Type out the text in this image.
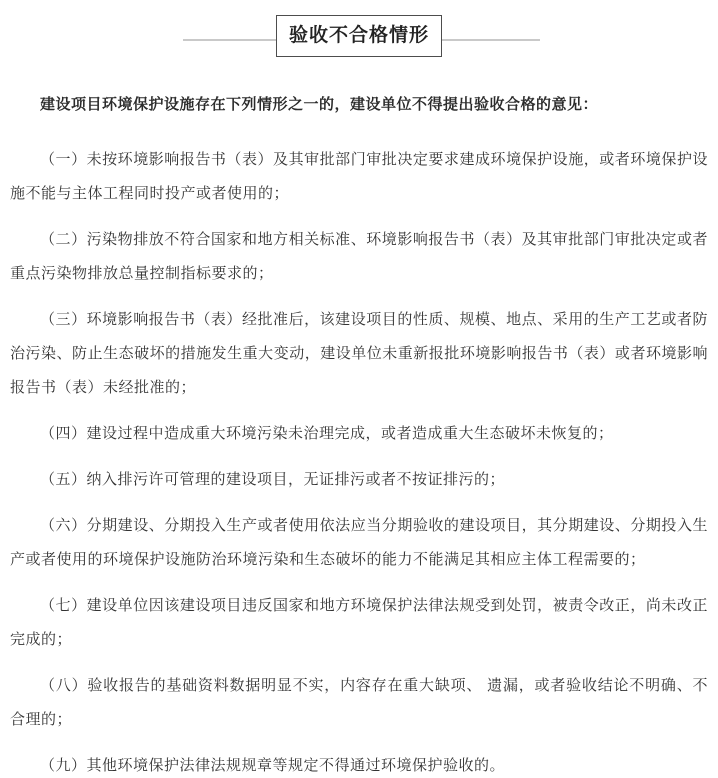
验收不合格情形

建设项目环境保护设施存在下列情形之一的，建设单位不得提出验收合格的意见：

（一）未按环境影响报告书（表）及其审批部门审批决定要求建成环境保护设施，或者环境保护设施不能与主体工程同时投产或者使用的；

（二）污染物排放不符合国家和地方相关标准、环境影响报告书（表）及其审批部门审批决定或者重点污染物排放总量控制指标要求的；

（三）环境影响报告书（表）经批准后，该建设项目的性质、规模、地点、采用的生产工艺或者防治污染、防止生态破坏的措施发生重大变动，建设单位未重新报批环境影响报告书（表）或者环境影响报告书（表）未经批准的；

（四）建设过程中造成重大环境污染未治理完成，或者造成重大生态破坏未恢复的；

（五）纳入排污许可管理的建设项目，无证排污或者不按证排污的；

（六）分期建设、分期投入生产或者使用依法应当分期验收的建设项目，其分期建设、分期投入生产或者使用的环境保护设施防治环境污染和生态破坏的能力不能满足其相应主体工程需要的；

（七）建设单位因该建设项目违反国家和地方环境保护法律法规受到处罚，被责令改正，尚未改正完成的；

（八）验收报告的基础资料数据明显不实，内容存在重大缺项、 遗漏，或者验收结论不明确、不合理的；

（九）其他环境保护法律法规规章等规定不得通过环境保护验收的。
